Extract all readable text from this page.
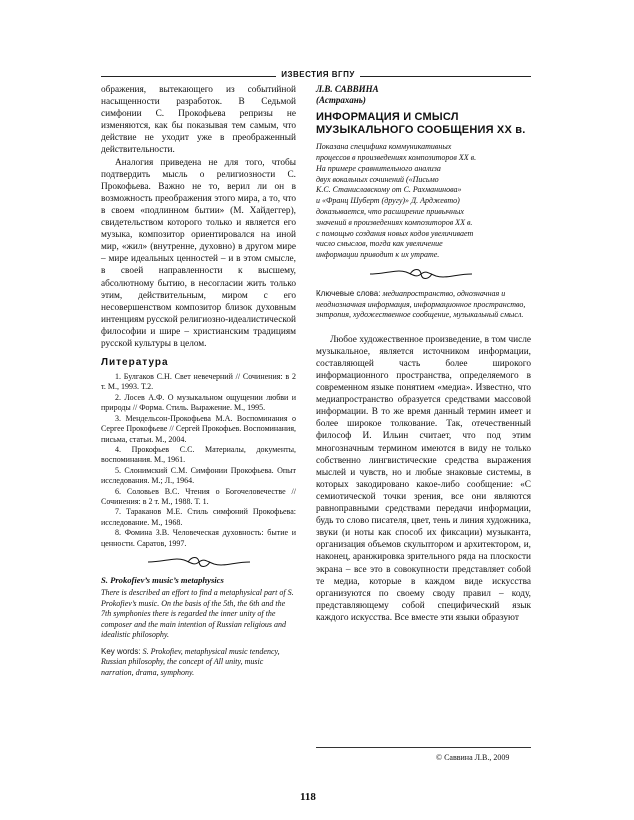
ИЗВЕСТИЯ ВГПУ

ображения, вытекающего из событийной насыщенности разработок. В Седьмой симфонии С. Прокофьева репризы не изменяются, как бы показывая тем самым, что действие не уходит уже в преображенный действительности.

Аналогия приведена не для того, чтобы подтвердить мысль о религиозности С. Прокофьева. Важно не то, верил ли он в возможность преображения этого мира, а то, что в своем «подлинном бытии» (М. Хайдеггер), свидетельством которого только и является его музыка, композитор ориентировался на иной мир, «жил» (внутренне, духовно) в другом мире – мире идеальных ценностей – и в этом смысле, в своей направленности к высшему, абсолютному бытию, в несогласии жить только этим, действительным, миром с его несовершенством композитор близок духовным интенциям русской религиозно-идеалистической философии и шире – христианским традициям русской культуры в целом.

Литература
1. Булгаков С.Н. Свет невечерний // Сочинения: в 2 т. М., 1993. Т.2.
2. Лосев А.Ф. О музыкальном ощущении любви и природы // Форма. Стиль. Выражение. М., 1995.
3. Мендельсон-Прокофьева М.А. Воспоминания о Сергее Прокофьеве // Сергей Прокофьев. Воспоминания, письма, статьи. М., 2004.
4. Прокофьев С.С. Материалы, документы, воспоминания. М., 1961.
5. Слонимский С.М. Симфонии Прокофьева. Опыт исследования. М.; Л., 1964.
6. Соловьев В.С. Чтения о Богочеловечестве // Сочинения: в 2 т. М., 1988. Т. 1.
7. Тараканов М.Е. Стиль симфоний Прокофьева: исследование. М., 1968.
8. Фомина З.В. Человеческая духовность: бытие и ценности. Саратов, 1997.
S. Prokofiev’s music’s metaphysics

There is described an effort to find a metaphysical part of S. Prokofiev’s music. On the basis of the 5th, the 6th and the 7th symphonies there is regarded the inner unity of the composer and the main intention of Russian religious and idealistic philosophy.

Key words: S. Prokofiev, metaphysical music tendency, Russian philosophy, the concept of All unity, music narration, drama, symphony.

Л.В. САВВИНА

(Астрахань)

ИНФОРМАЦИЯ И СМЫСЛ МУЗЫКАЛЬНОГО СООБЩЕНИЯ XX в.
Показана специфика коммуникативных
процессов в произведениях композиторов XX в.
На примере сравнительного анализа
двух вокальных сочинений («Письмо
К.С. Станиславскому от С. Рахманинова»
и «Франц Шуберт (другу)» Д. Арджевто)
доказывается, что расширение привычных
значений в произведениях композиторов XX в.
с помощью создания новых кодов увеличивает
число смыслов, тогда как увеличение
информации приводит к их утрате.

Ключевые слова: медиапространство, однозначная и неоднозначная информация, информационное пространство, энтропия, художественное сообщение, музыкальный смысл.

Любое художественное произведение, в том числе музыкальное, является источником информации, составляющей часть более широкого информационного пространства, определяемого в современном языке понятием «медиа». Известно, что медиапространство образуется средствами массовой информации. В то же время данный термин имеет и более широкое толкование. Так, отечественный философ И. Ильин считает, что под этим многозначным термином имеются в виду не только собственно лингвистические средства выражения мыслей и чувств, но и любые знаковые системы, в которых закодировано какое-либо сообщение: «С семиотической точки зрения, все они являются равноправными средствами передачи информации, будь то слово писателя, цвет, тень и линия художника, звуки (и ноты как способ их фиксации) музыканта, организация объемов скульптором и архитектором, и, наконец, аранжировка зрительного ряда на плоскости экрана – все это в совокупности представляет собой те медиа, которые в каждом виде искусства организуются по своему своду правил – коду, представляющему собой специфический язык каждого искусства. Все вместе эти языки образуют

© Саввина Л.В., 2009
118
